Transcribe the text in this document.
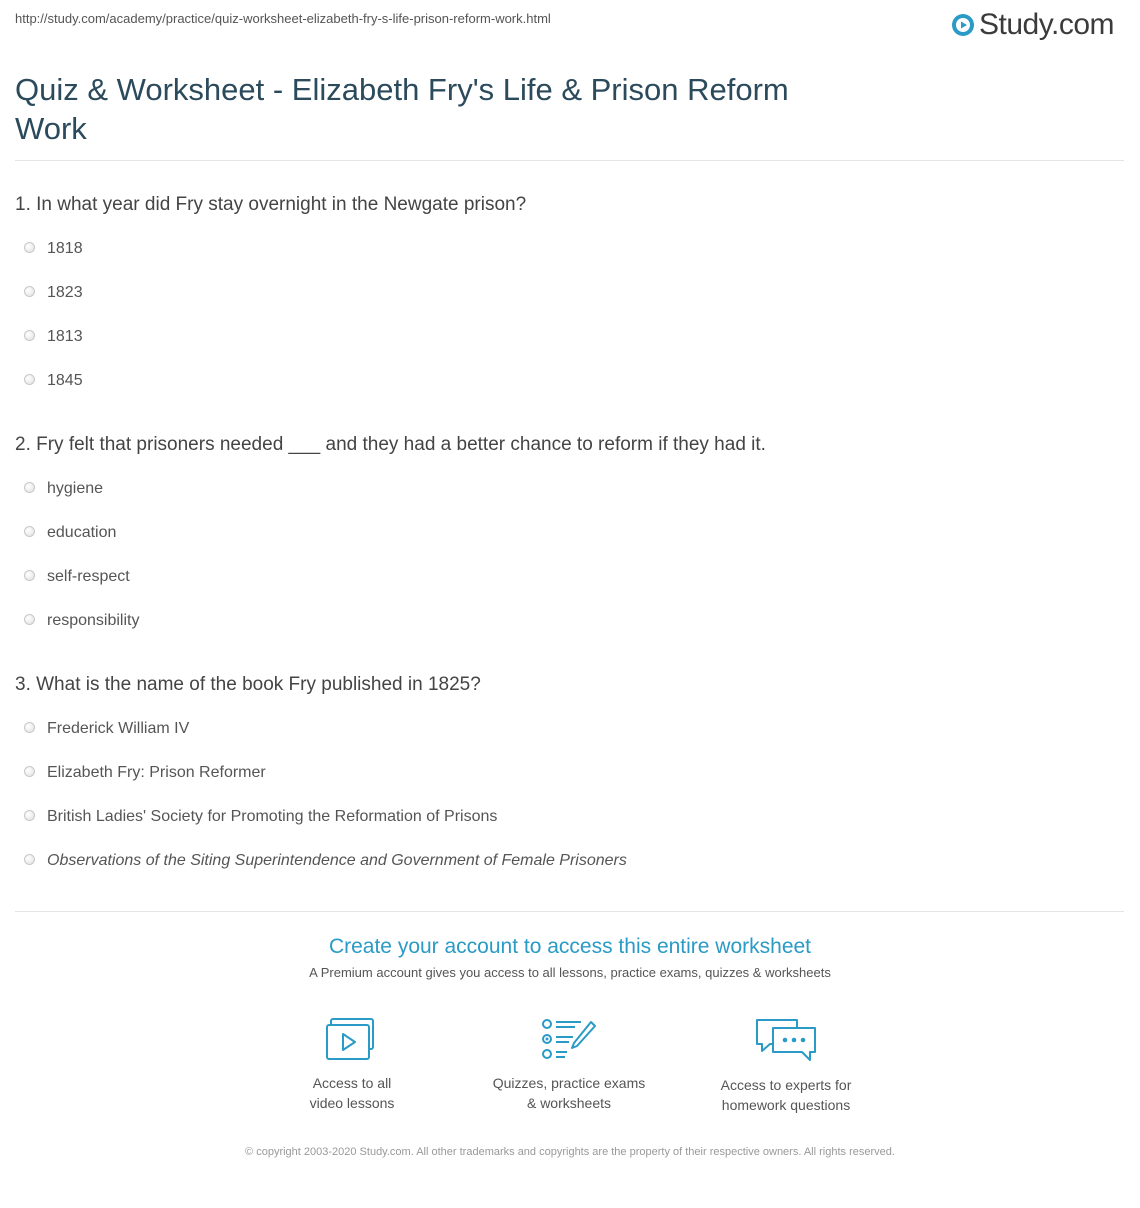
http://study.com/academy/practice/quiz-worksheet-elizabeth-fry-s-life-prison-reform-work.html	Study.com
Quiz & Worksheet - Elizabeth Fry's Life & Prison Reform Work
1. In what year did Fry stay overnight in the Newgate prison?
1818
1823
1813
1845
2. Fry felt that prisoners needed ___ and they had a better chance to reform if they had it.
hygiene
education
self-respect
responsibility
3. What is the name of the book Fry published in 1825?
Frederick William IV
Elizabeth Fry: Prison Reformer
British Ladies' Society for Promoting the Reformation of Prisons
Observations of the Siting Superintendence and Government of Female Prisoners
Create your account to access this entire worksheet
A Premium account gives you access to all lessons, practice exams, quizzes & worksheets
Access to all
video lessons
Quizzes, practice exams
& worksheets
Access to experts for
homework questions
© copyright 2003-2020 Study.com. All other trademarks and copyrights are the property of their respective owners. All rights reserved.
